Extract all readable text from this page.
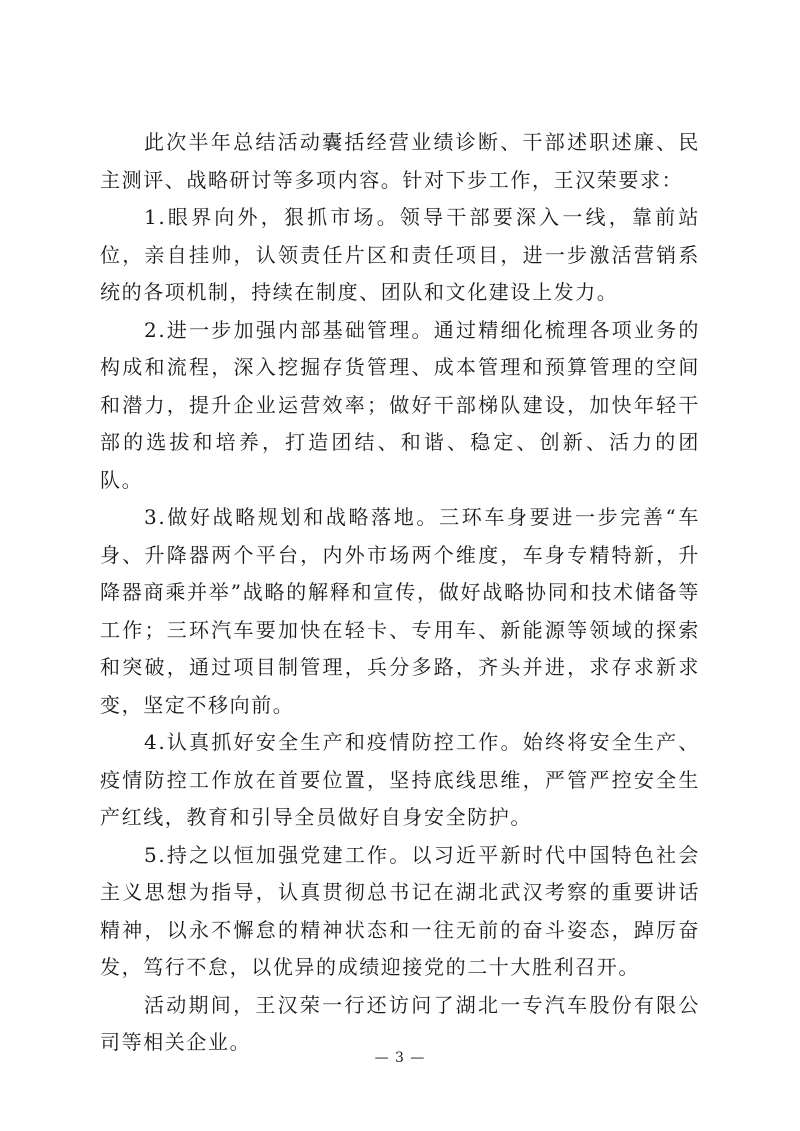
此次半年总结活动囊括经营业绩诊断、干部述职述廉、民主测评、战略研讨等多项内容。针对下步工作，王汉荣要求：

1.眼界向外，狠抓市场。领导干部要深入一线，靠前站位，亲自挂帅，认领责任片区和责任项目，进一步激活营销系统的各项机制，持续在制度、团队和文化建设上发力。

2.进一步加强内部基础管理。通过精细化梳理各项业务的构成和流程，深入挖掘存货管理、成本管理和预算管理的空间和潜力，提升企业运营效率；做好干部梯队建设，加快年轻干部的选拔和培养，打造团结、和谐、稳定、创新、活力的团队。

3.做好战略规划和战略落地。三环车身要进一步完善“车身、升降器两个平台，内外市场两个维度，车身专精特新，升降器商乘并举”战略的解释和宣传，做好战略协同和技术储备等工作；三环汽车要加快在轻卡、专用车、新能源等领域的探索和突破，通过项目制管理，兵分多路，齐头并进，求存求新求变，坚定不移向前。

4.认真抓好安全生产和疫情防控工作。始终将安全生产、疫情防控工作放在首要位置，坚持底线思维，严管严控安全生产红线，教育和引导全员做好自身安全防护。

5.持之以恒加强党建工作。以习近平新时代中国特色社会主义思想为指导，认真贯彻总书记在湖北武汉考察的重要讲话精神，以永不懈怠的精神状态和一往无前的奋斗姿态，踔厉奋发，笃行不怠，以优异的成绩迎接党的二十大胜利召开。

活动期间，王汉荣一行还访问了湖北一专汽车股份有限公司等相关企业。

— 3 —
